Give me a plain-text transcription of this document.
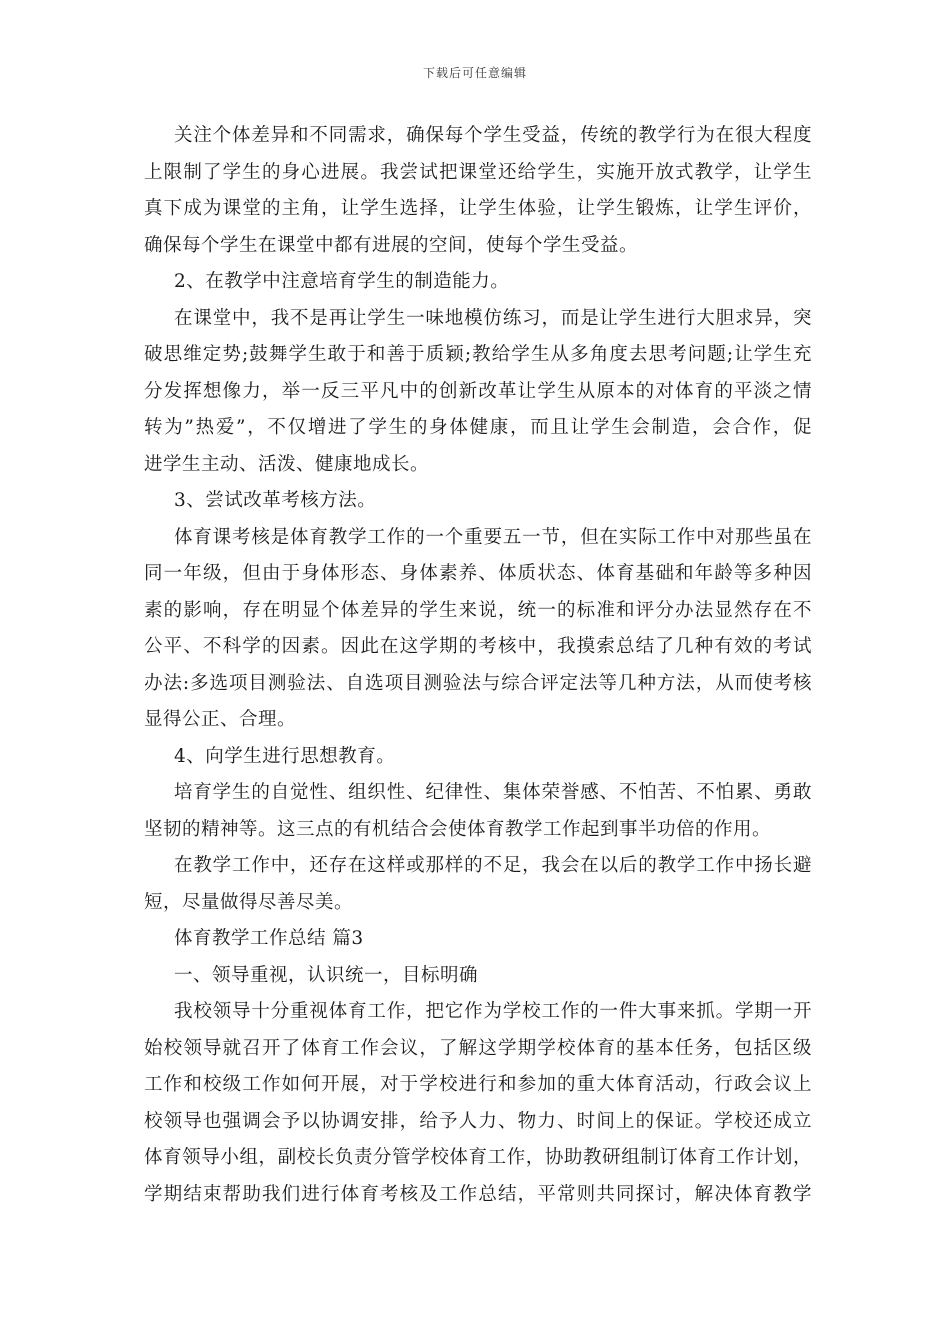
下载后可任意编辑
关注个体差异和不同需求，确保每个学生受益，传统的教学行为在很大程度
上限制了学生的身心进展。我尝试把课堂还给学生，实施开放式教学，让学生
真下成为课堂的主角，让学生选择，让学生体验，让学生锻炼，让学生评价，
确保每个学生在课堂中都有进展的空间，使每个学生受益。
2、在教学中注意培育学生的制造能力。
在课堂中，我不是再让学生一味地模仿练习，而是让学生进行大胆求异，突
破思维定势;鼓舞学生敢于和善于质颖;教给学生从多角度去思考问题;让学生充
分发挥想像力，举一反三平凡中的创新改革让学生从原本的对体育的平淡之情
转为”热爱”，不仅增进了学生的身体健康，而且让学生会制造，会合作，促
进学生主动、活泼、健康地成长。
3、尝试改革考核方法。
体育课考核是体育教学工作的一个重要五一节，但在实际工作中对那些虽在
同一年级，但由于身体形态、身体素养、体质状态、体育基础和年龄等多种因
素的影响，存在明显个体差异的学生来说，统一的标准和评分办法显然存在不
公平、不科学的因素。因此在这学期的考核中，我摸索总结了几种有效的考试
办法:多选项目测验法、自选项目测验法与综合评定法等几种方法，从而使考核
显得公正、合理。
4、向学生进行思想教育。
培育学生的自觉性、组织性、纪律性、集体荣誉感、不怕苦、不怕累、勇敢
坚韧的精神等。这三点的有机结合会使体育教学工作起到事半功倍的作用。
在教学工作中，还存在这样或那样的不足，我会在以后的教学工作中扬长避
短，尽量做得尽善尽美。
体育教学工作总结 篇3
一、领导重视，认识统一，目标明确
我校领导十分重视体育工作，把它作为学校工作的一件大事来抓。学期一开
始校领导就召开了体育工作会议，了解这学期学校体育的基本任务，包括区级
工作和校级工作如何开展，对于学校进行和参加的重大体育活动，行政会议上
校领导也强调会予以协调安排，给予人力、物力、时间上的保证。学校还成立
体育领导小组，副校长负责分管学校体育工作，协助教研组制订体育工作计划，
学期结束帮助我们进行体育考核及工作总结，平常则共同探讨，解决体育教学
